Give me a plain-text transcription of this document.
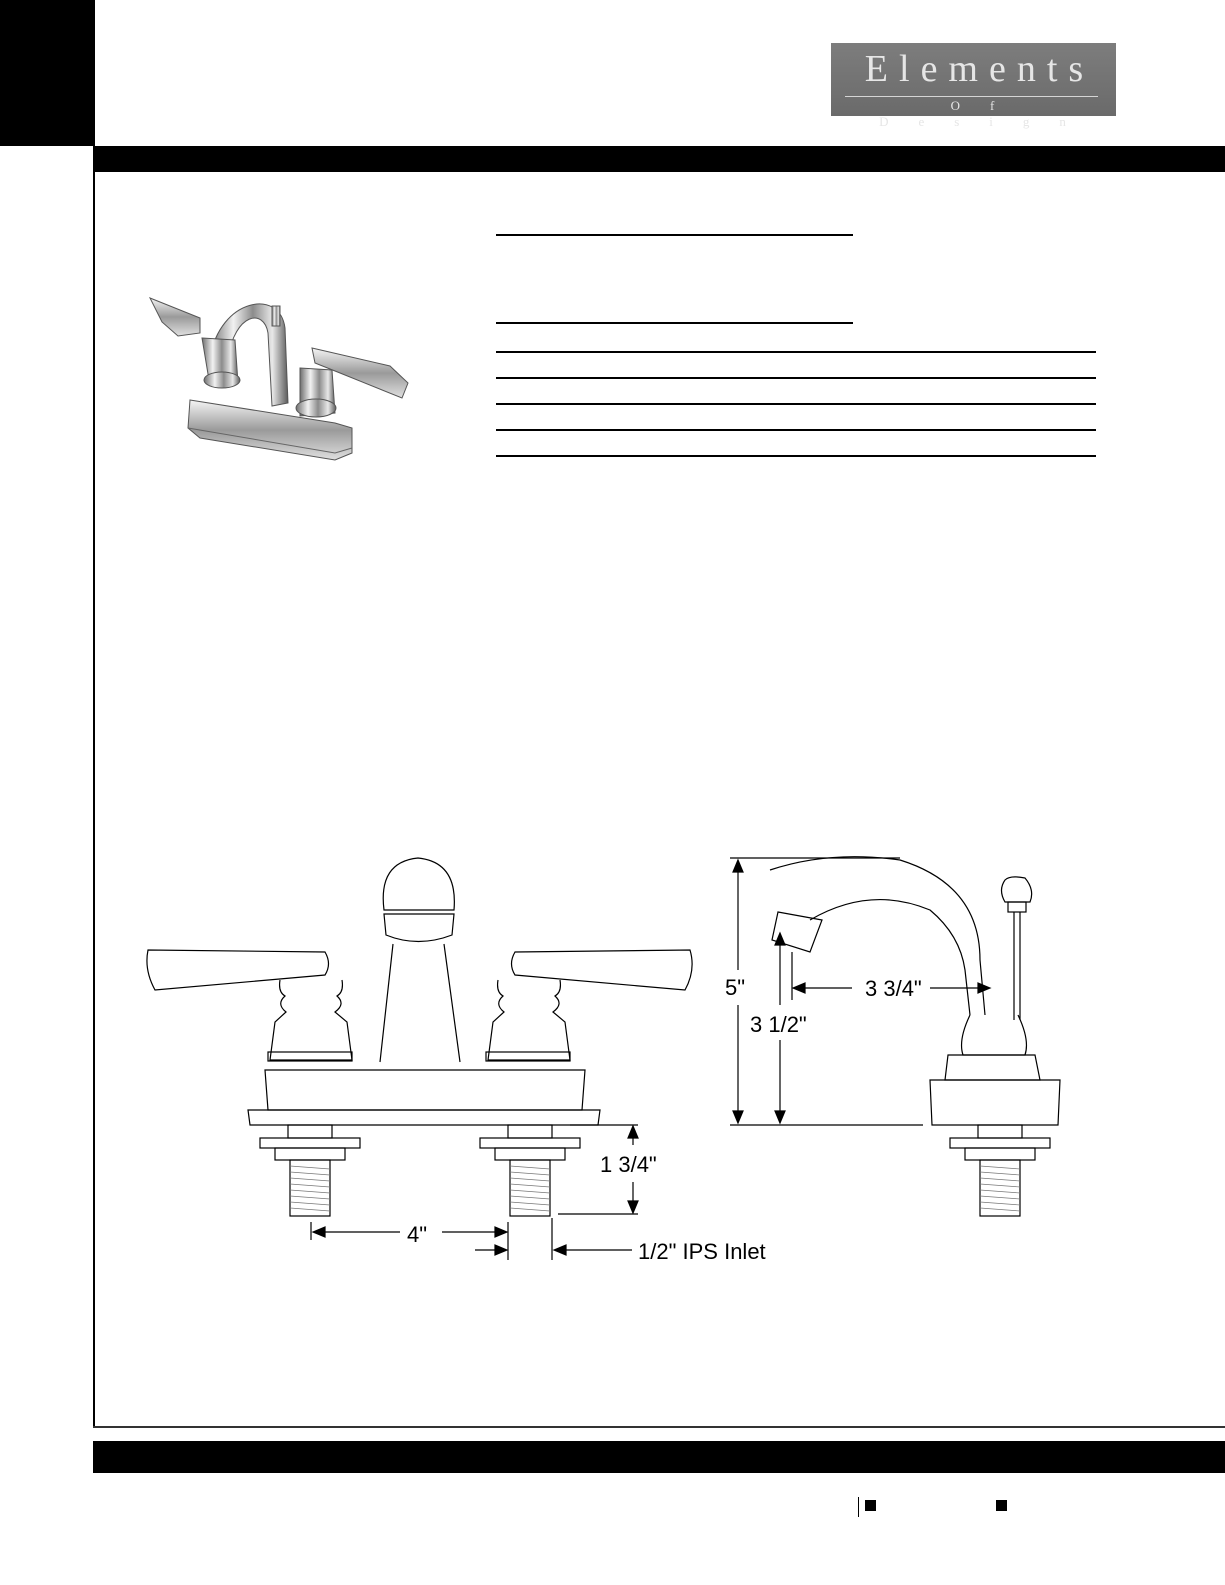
Elements
Of Design
5"
3 1/2"
3 3/4"
1 3/4"
4"
1/2" IPS Inlet
